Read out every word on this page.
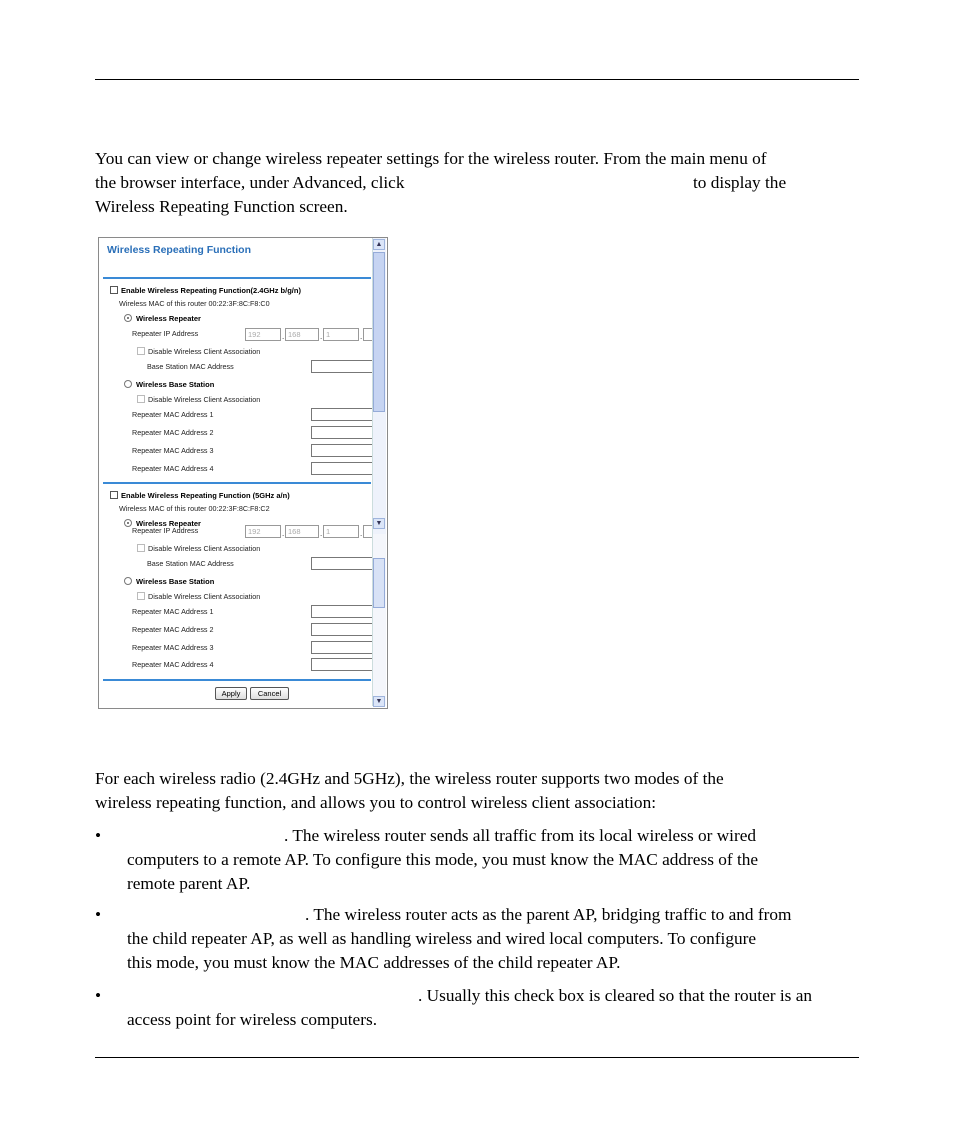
You can view or change wireless repeater settings for the wireless router. From the main menu of
the browser interface, under Advanced, click	to display the
Wireless Repeating Function screen.
Wireless Repeating Function
Enable Wireless Repeating Function(2.4GHz b/g/n)
Wireless MAC of this router 00:22:3F:8C:F8:C0
Wireless Repeater
Repeater IP Address	192	. 168	. 1	.
Disable Wireless Client Association
Base Station MAC Address
Wireless Base Station
Disable Wireless Client Association
Repeater MAC Address 1
Repeater MAC Address 2
Repeater MAC Address 3
Repeater MAC Address 4
Enable Wireless Repeating Function (5GHz a/n)
Wireless MAC of this router 00:22:3F:8C:F8:C2
Wireless Repeater
Repeater IP Address	192	. 168	. 1	.
Disable Wireless Client Association
Base Station MAC Address
Wireless Base Station
Disable Wireless Client Association
Repeater MAC Address 1
Repeater MAC Address 2
Repeater MAC Address 3
Repeater MAC Address 4
Apply	Cancel
▲
▼
▼
For each wireless radio (2.4GHz and 5GHz), the wireless router supports two modes of the
wireless repeating function, and allows you to control wireless client association:
•	. The wireless router sends all traffic from its local wireless or wired
computers to a remote AP. To configure this mode, you must know the MAC address of the
remote parent AP.
•	. The wireless router acts as the parent AP, bridging traffic to and from
the child repeater AP, as well as handling wireless and wired local computers. To configure
this mode, you must know the MAC addresses of the child repeater AP.
•	. Usually this check box is cleared so that the router is an
access point for wireless computers.
